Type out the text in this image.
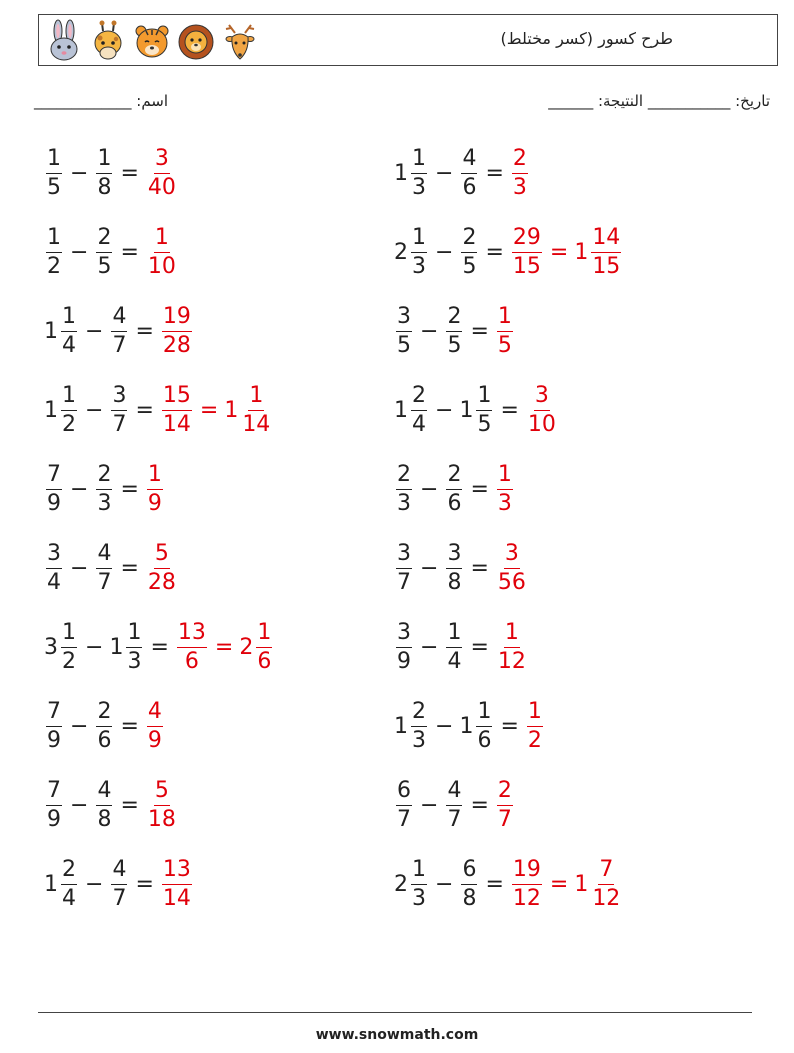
طرح كسور (كسر مختلط)
______ :تاريخ: ___________ النتيجة
_____________ :اسم
$\frac{1}{5} - \frac{1}{8} = \frac{3}{40}$	$1 \frac{1}{3} - \frac{4}{6} = \frac{2}{3}$
$\frac{1}{2} - \frac{2}{5} = \frac{1}{10}$	$2 \frac{1}{3} - \frac{2}{5} = \frac{29}{15} = 1 \frac{14}{15}$
$1 \frac{1}{4} - \frac{4}{7} = \frac{19}{28}$	$\frac{3}{5} - \frac{2}{5} = \frac{1}{5}$
$1 \frac{1}{2} - \frac{3}{7} = \frac{15}{14} = 1 \frac{1}{14}$	$1 \frac{2}{4} - 1 \frac{1}{5} = \frac{3}{10}$
$\frac{7}{9} - \frac{2}{3} = \frac{1}{9}$	$\frac{2}{3} - \frac{2}{6} = \frac{1}{3}$
$\frac{3}{4} - \frac{4}{7} = \frac{5}{28}$	$\frac{3}{7} - \frac{3}{8} = \frac{3}{56}$
$3 \frac{1}{2} - 1 \frac{1}{3} = \frac{13}{6} = 2 \frac{1}{6}$	$\frac{3}{9} - \frac{1}{4} = \frac{1}{12}$
$\frac{7}{9} - \frac{2}{6} = \frac{4}{9}$	$1 \frac{2}{3} - 1 \frac{1}{6} = \frac{1}{2}$
$\frac{7}{9} - \frac{4}{8} = \frac{5}{18}$	$\frac{6}{7} - \frac{4}{7} = \frac{2}{7}$
$1 \frac{2}{4} - \frac{4}{7} = \frac{13}{14}$	$2 \frac{1}{3} - \frac{6}{8} = \frac{19}{12} = 1 \frac{7}{12}$
www.snowmath.com
